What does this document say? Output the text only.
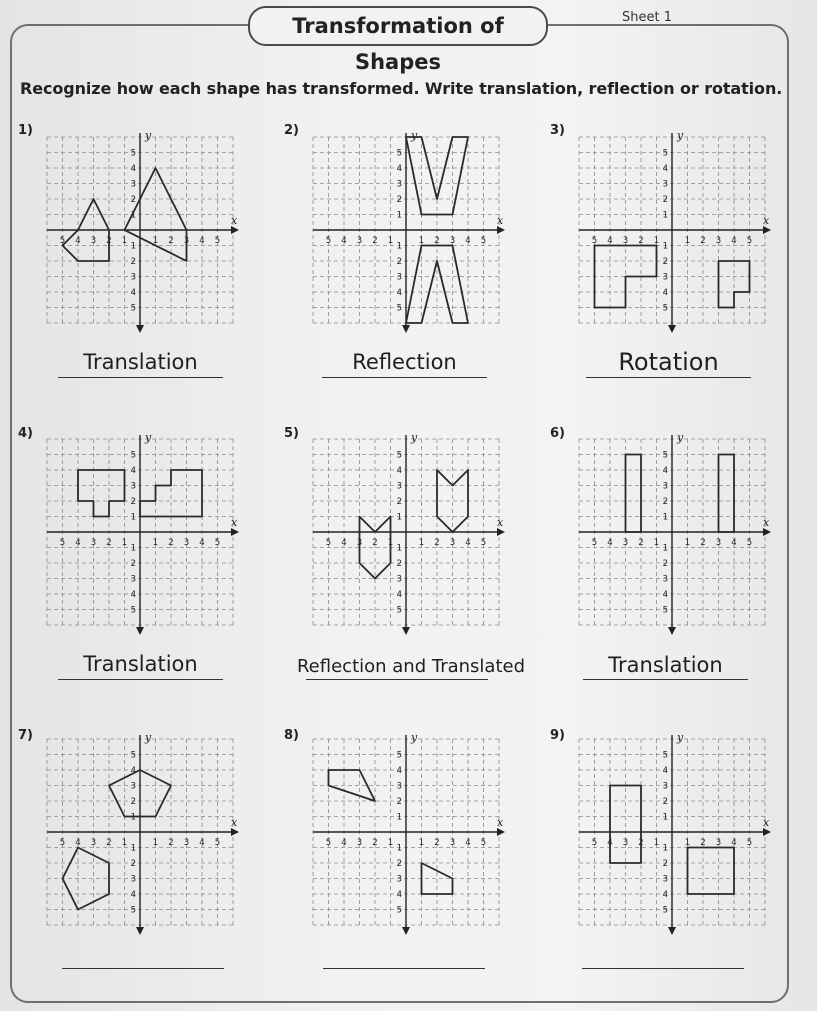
Transformation of Shapes
Sheet 1
Recognize how each shape has transformed. Write translation, reflection or rotation.
1)	2)	3)
4)	5)	6)
7)	8)	9)
x
y
1
5
1
5
2
4
2
4
3
3
3
3
4
2
4
2
5
1
5
1
x
y
1
5
1
5
2
4
2
4
3
3
3
3
4
2
4
2
5
1
5
1
x
y
1
5
1
5
2
4
2
4
3
3
3
3
4
2
4
2
5
1
5
1
x
y
1
5
1
5
2
4
2
4
3
3
3
3
4
2
4
2
5
1
5
1
x
y
1
5
1
5
2
4
2
4
3
3
3
3
4
2
4
2
5
1
5
1
x
y
1
5
1
5
2
4
2
4
3
3
3
3
4
2
4
2
5
1
5
1
x
y
1
5
1
5
2
4
2
4
3
3
3
3
4
2
4
2
5
1
5
1
x
y
1
5
1
5
2
4
2
4
3
3
3
3
4
2
4
2
5
1
5
1
x
y
1
5
1
5
2
4
2
4
3
3
3
3
4
2
4
2
5
1
5
1
Translation	Reflection	Rotation
Translation	Reflection and Translated	Translation
